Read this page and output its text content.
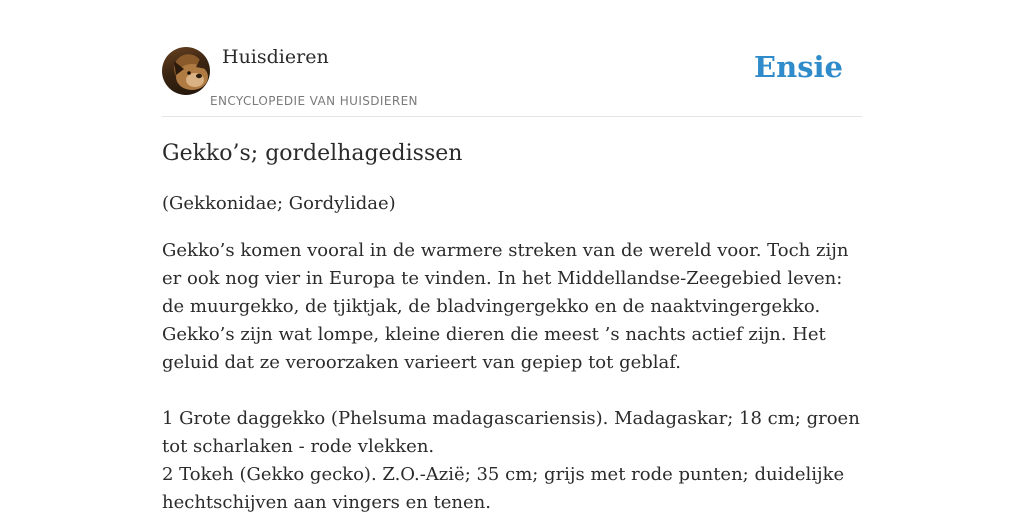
Huisdieren
ENCYCLOPEDIE VAN HUISDIEREN
Ensie
Gekko’s; gordelhagedissen

(Gekkonidae; Gordylidae)

Gekko’s komen vooral in de warmere streken van de wereld voor. Toch zijn er ook nog vier in Europa te vinden. In het Middellandse-Zeegebied leven: de muurgekko, de tjiktjak, de bladvingergekko en de naaktvingergekko. Gekko’s zijn wat lompe, kleine dieren die meest ’s nachts actief zijn. Het geluid dat ze veroorzaken varieert van gepiep tot geblaf.

1 Grote daggekko (Phelsuma madagascariensis). Madagaskar; 18 cm; groen tot scharlaken - rode vlekken.

2 Tokeh (Gekko gecko). Z.O.-Azië; 35 cm; grijs met rode punten; duidelijke hechtschijven aan vingers en tenen.
